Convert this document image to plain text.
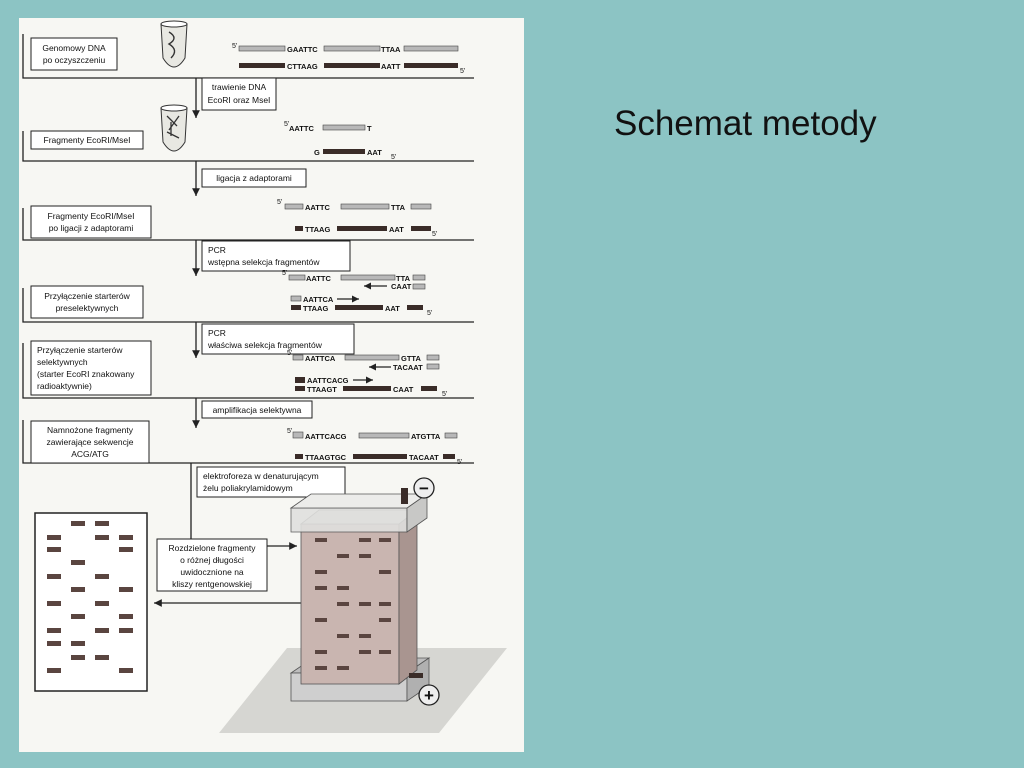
Schemat metody
Genomowy DNA
po oczyszczeniu
Fragmenty EcoRI/MseI
Fragmenty EcoRI/MseI
po ligacji z adaptorami
Przyłączenie starterów
preselektywnych
Przyłączenie starterów
selektywnych
(starter EcoRI znakowany
radioaktywnie)
Namnożone fragmenty
zawierające sekwencje
ACG/ATG
trawienie DNA
EcoRI oraz MseI
ligacja z adaptorami
PCR
wstępna selekcja fragmentów
PCR
właściwa selekcja fragmentów
amplifikacja selektywna
elektroforeza w denaturującym
żelu poliakrylamidowym
5'	GAATTC	TTAA
CTTAAG	AATT
5'
5' AATTC	T
G	AAT
5'
5'
AATTC	TTA
TTAAG	AAT
5'
5'
AATTC	TTA
CAAT
AATTCA
TTAAG	AAT
5'
5'
AATTCA	GTTA
TACAAT
AATTCACG
TTAAGT	CAAT
5'
5'
AATTCACG	ATGTTA
TTAAGTGC	TACAAT
5'
Rozdzielone fragmenty
o różnej długości
uwidocznione na
kliszy rentgenowskiej
−
+
